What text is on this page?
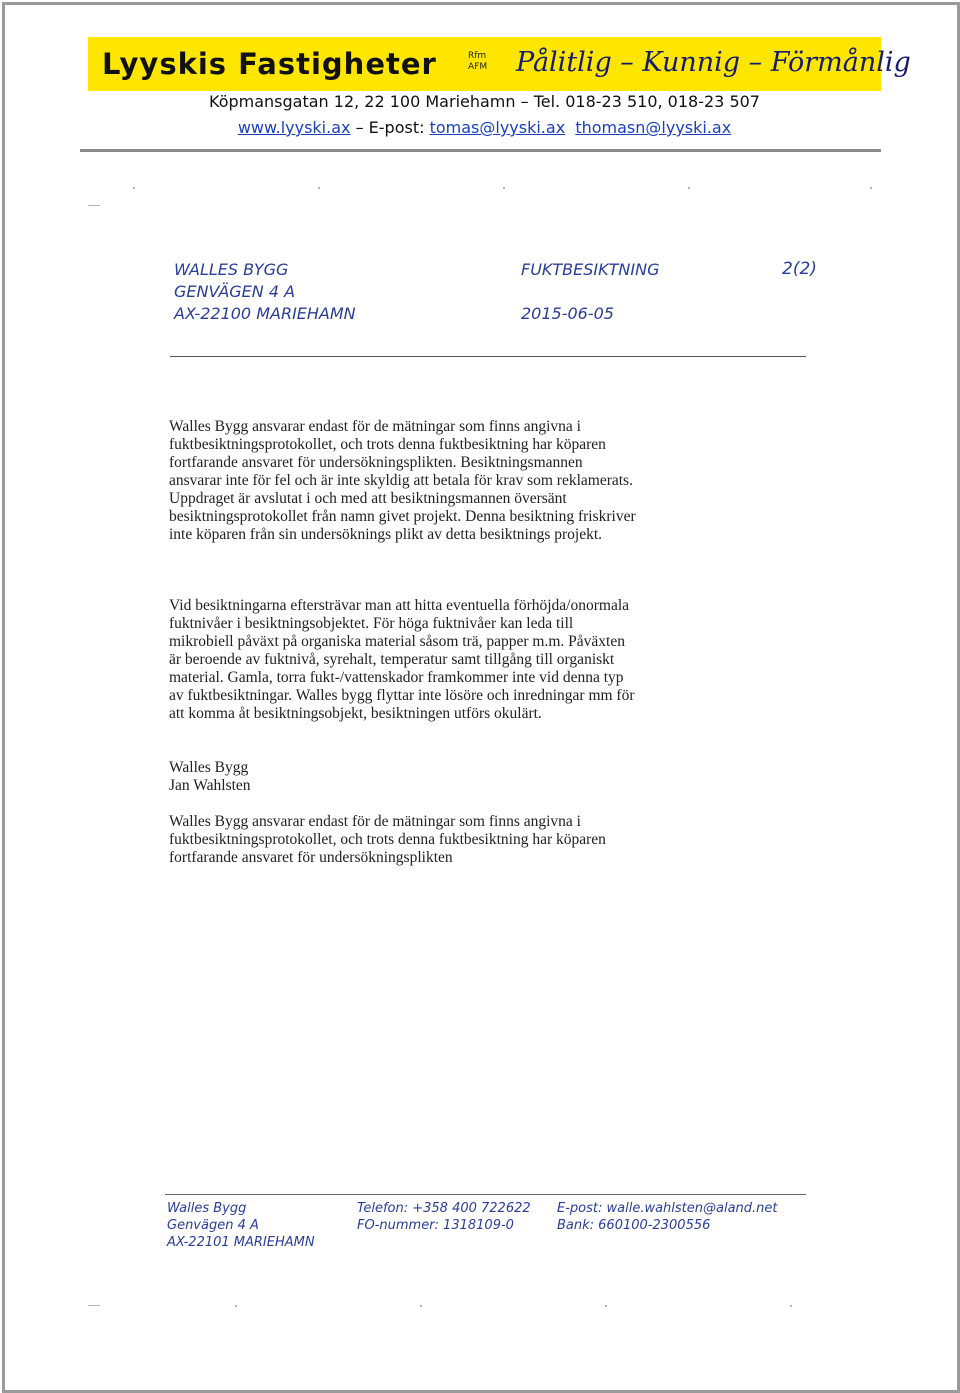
Lyyskis Fastigheter	Rfm
AFM Pålitlig – Kunnig – Förmånlig
Köpmansgatan 12, 22 100 Mariehamn – Tel. 018-23 510, 018-23 507
www.lyyski.ax – E-post: tomas@lyyski.ax thomasn@lyyski.ax
WALLES BYGG
GENVÄGEN 4 A
AX-22100 MARIEHAMN
FUKTBESIKTNING
2015-06-05
2(2)
Walles Bygg ansvarar endast för de mätningar som finns angivna i fuktbesiktningsprotokollet, och trots denna fuktbesiktning har köparen fortfarande ansvaret för undersökningsplikten. Besiktningsmannen ansvarar inte för fel och är inte skyldig att betala för krav som reklamerats. Uppdraget är avslutat i och med att besiktningsmannen översänt besiktningsprotokollet från namn givet projekt. Denna besiktning friskriver inte köparen från sin undersöknings plikt av detta besiktnings projekt.
Vid besiktningarna eftersträvar man att hitta eventuella förhöjda/onormala fuktnivåer i besiktningsobjektet. För höga fuktnivåer kan leda till mikrobiell påväxt på organiska material såsom trä, papper m.m. Påväxten är beroende av fuktnivå, syrehalt, temperatur samt tillgång till organiskt material. Gamla, torra fukt-/vattenskador framkommer inte vid denna typ av fuktbesiktningar. Walles bygg flyttar inte lösöre och inredningar mm för att komma åt besiktningsobjekt, besiktningen utförs okulärt.
Walles Bygg
Jan Wahlsten
Walles Bygg ansvarar endast för de mätningar som finns angivna i fuktbesiktningsprotokollet, och trots denna fuktbesiktning har köparen fortfarande ansvaret för undersökningsplikten
Walles Bygg
Genvägen 4 A
AX-22101 MARIEHAMN
Telefon: +358 400 722622
FO-nummer: 1318109-0
E-post: walle.wahlsten@aland.net
Bank: 660100-2300556
